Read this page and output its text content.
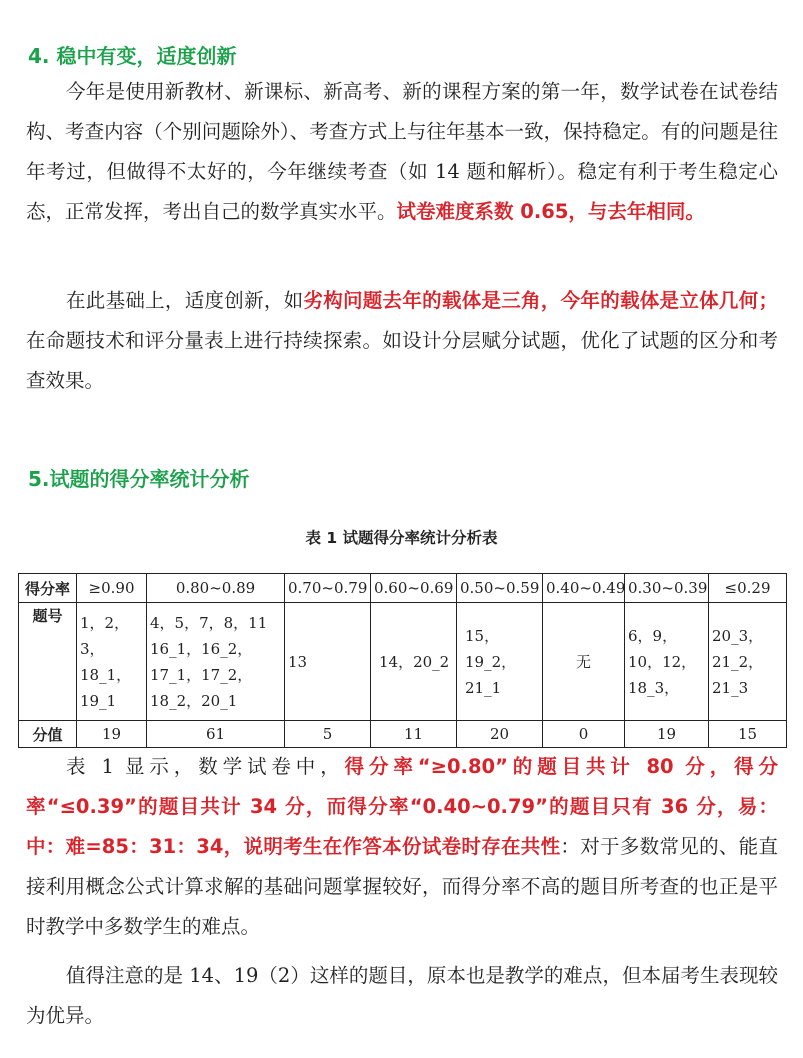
4. 稳中有变，适度创新
今年是使用新教材、新课标、新高考、新的课程方案的第一年，数学试卷在试卷结构、考查内容（个别问题除外）、考查方式上与往年基本一致，保持稳定。有的问题是往年考过，但做得不太好的，今年继续考查（如 14 题和解析）。稳定有利于考生稳定心态，正常发挥，考出自己的数学真实水平。试卷难度系数 0.65，与去年相同。
在此基础上，适度创新，如劣构问题去年的载体是三角，今年的载体是立体几何；在命题技术和评分量表上进行持续探索。如设计分层赋分试题，优化了试题的区分和考查效果。
5.试题的得分率统计分析
表 1 试题得分率统计分析表
得分率	≥0.90	0.80~0.89	0.70~0.79	0.60~0.69	0.50~0.59	0.40~0.49	0.30~0.39	≤0.29
题号	1，2，3，18_1，19_1	4，5，7，8，11 16_1，16_2，17_1，17_2，18_2，20_1	13	14，20_2	15，19_2，21_1	无	6，9，10，12，18_3，	20_3，21_2，21_3
分值	19	61	5	11	20	0	19	15
表 1 显示，数学试卷中，得分率“≥0.80”的题目共计 80 分，得分率“≤0.39”的题目共计 34 分，而得分率“0.40~0.79”的题目只有 36 分，易：中：难=85：31：34，说明考生在作答本份试卷时存在共性：对于多数常见的、能直接利用概念公式计算求解的基础问题掌握较好，而得分率不高的题目所考查的也正是平时教学中多数学生的难点。
值得注意的是 14、19（2）这样的题目，原本也是教学的难点，但本届考生表现较为优异。
